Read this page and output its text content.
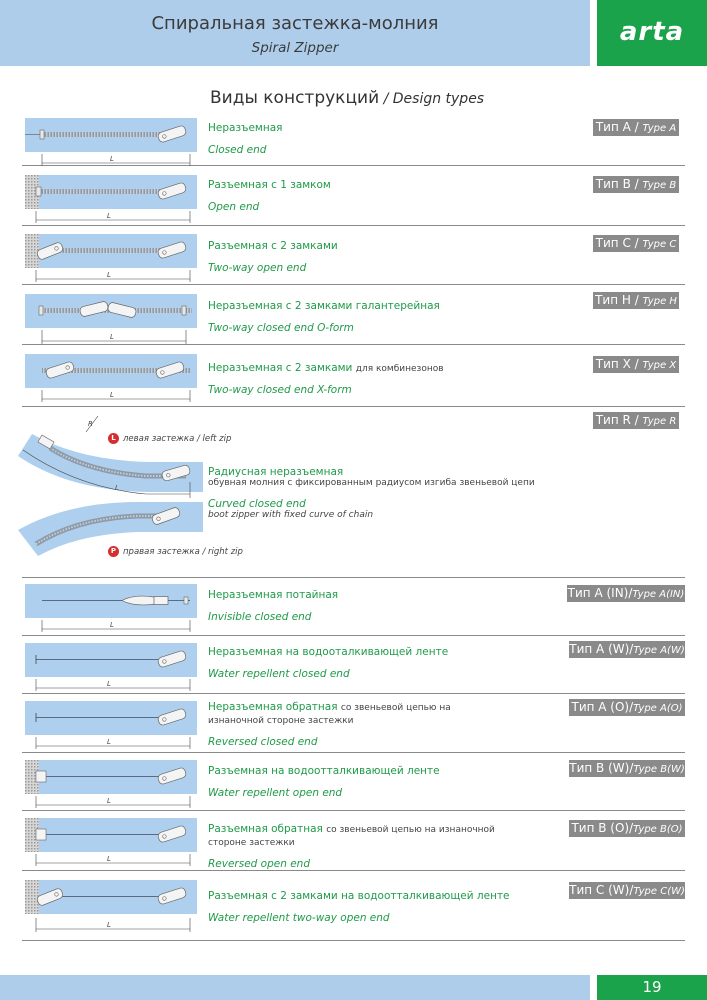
Спиральная застежка-молния
Spiral Zipper
arta
Виды конструкций / Design types
L
Неразъемная
Closed end
Тип A / Type A
L
Разъемная с 1 замком
Open end
Тип B / Type B
L
Разъемная с 2 замками
Two-way open end
Тип C / Type C
L
Неразъемная с 2 замками галантерейная
Two-way closed end O-form
Тип H / Type H
L
Неразъемная с 2 замками для комбинезонов
Two-way closed end X-form
Тип X / Type X
L
R
L левая застежка / left zip
P правая застежка / right zip
Радиусная неразъемная
обувная молния с фиксированным радиусом изгиба звеньевой цепи
Curved closed end
boot zipper with fixed curve of chain
Тип R / Type R
L
Неразъемная потайная
Invisible closed end
Тип A (IN)/Type A(IN)
L
Неразъемная на водооталкивающей ленте
Water repellent closed end
Тип A (W)/Type A(W)
L
Неразъемная обратная со звеньевой цепью на изнаночной стороне застежки
Reversed closed end
Тип A (O)/Type A(O)
L
Разъемная на водоотталкивающей ленте
Water repellent open end
Тип B (W)/Type B(W)
L
Разъемная обратная со звеньевой цепью на изнаночной стороне застежки
Reversed open end
Тип B (O)/Type B(O)
L
Разъемная с 2 замками на водоотталкивающей ленте
Water repellent two-way open end
Тип C (W)/Type C(W)
19
